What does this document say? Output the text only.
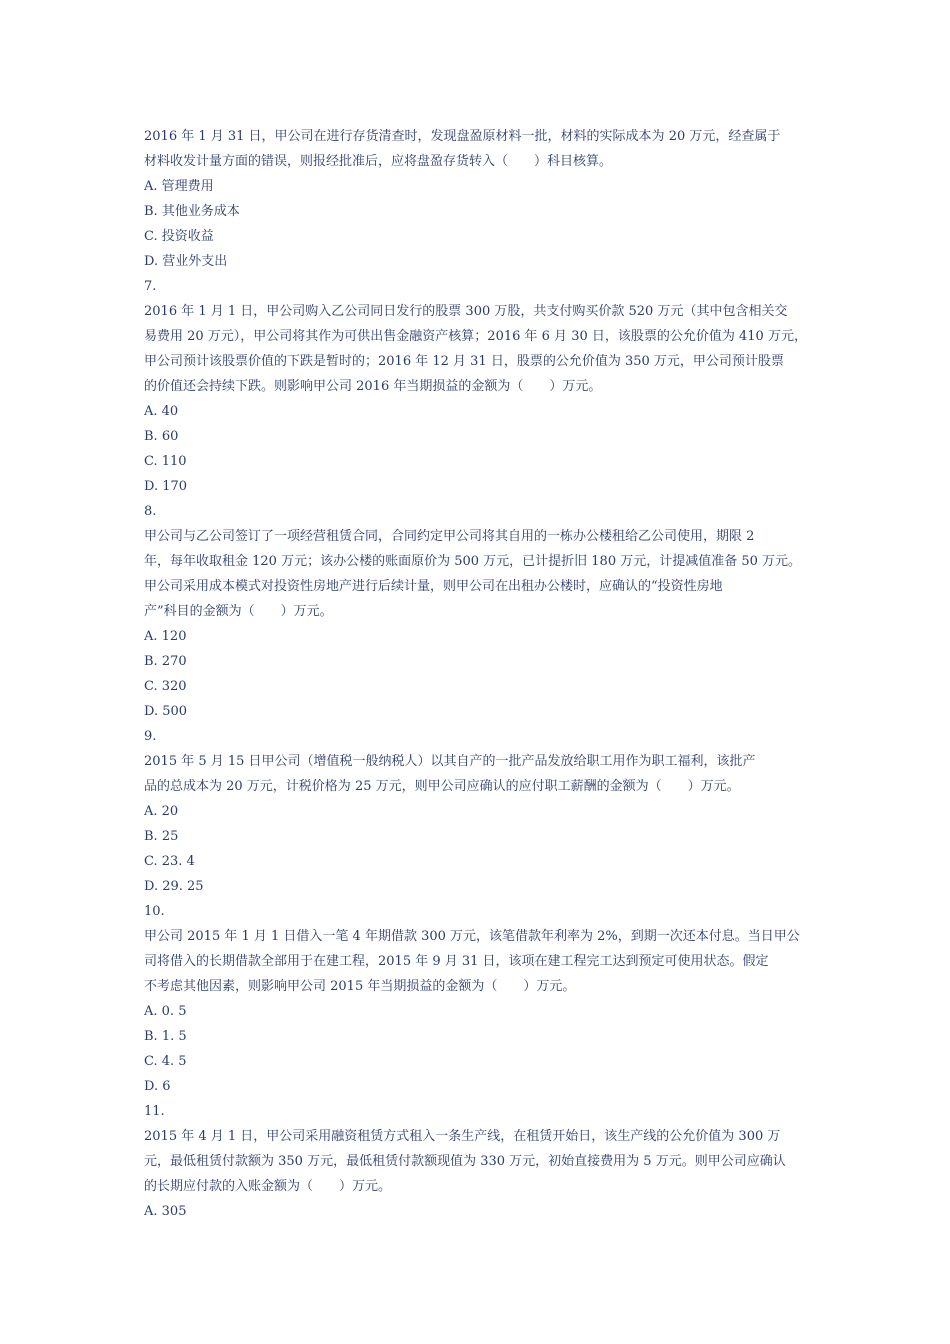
2016 年 1 月 31 日，甲公司在进行存货清查时，发现盘盈原材料一批，材料的实际成本为 20 万元，经查属于
材料收发计量方面的错误，则报经批准后，应将盘盈存货转入（　　）科目核算。
A. 管理费用
B. 其他业务成本
C. 投资收益
D. 营业外支出
7.
2016 年 1 月 1 日，甲公司购入乙公司同日发行的股票 300 万股，共支付购买价款 520 万元（其中包含相关交
易费用 20 万元），甲公司将其作为可供出售金融资产核算；2016 年 6 月 30 日，该股票的公允价值为 410 万元，
甲公司预计该股票价值的下跌是暂时的；2016 年 12 月 31 日，股票的公允价值为 350 万元，甲公司预计股票
的价值还会持续下跌。则影响甲公司 2016 年当期损益的金额为（　　）万元。
A. 40
B. 60
C. 110
D. 170
8.
甲公司与乙公司签订了一项经营租赁合同，合同约定甲公司将其自用的一栋办公楼租给乙公司使用，期限 2
年，每年收取租金 120 万元；该办公楼的账面原价为 500 万元，已计提折旧 180 万元，计提减值准备 50 万元。
甲公司采用成本模式对投资性房地产进行后续计量，则甲公司在出租办公楼时，应确认的“投资性房地
产”科目的金额为（　　）万元。
A. 120
B. 270
C. 320
D. 500
9.
2015 年 5 月 15 日甲公司（增值税一般纳税人）以其自产的一批产品发放给职工用作为职工福利，该批产
品的总成本为 20 万元，计税价格为 25 万元，则甲公司应确认的应付职工薪酬的金额为（　　）万元。
A. 20
B. 25
C. 23. 4
D. 29. 25
10.
甲公司 2015 年 1 月 1 日借入一笔 4 年期借款 300 万元，该笔借款年利率为 2%，到期一次还本付息。当日甲公
司将借入的长期借款全部用于在建工程，2015 年 9 月 31 日，该项在建工程完工达到预定可使用状态。假定
不考虑其他因素，则影响甲公司 2015 年当期损益的金额为（　　）万元。
A. 0. 5
B. 1. 5
C. 4. 5
D. 6
11.
2015 年 4 月 1 日，甲公司采用融资租赁方式租入一条生产线，在租赁开始日，该生产线的公允价值为 300 万
元，最低租赁付款额为 350 万元，最低租赁付款额现值为 330 万元，初始直接费用为 5 万元。则甲公司应确认
的长期应付款的入账金额为（　　）万元。
A. 305
